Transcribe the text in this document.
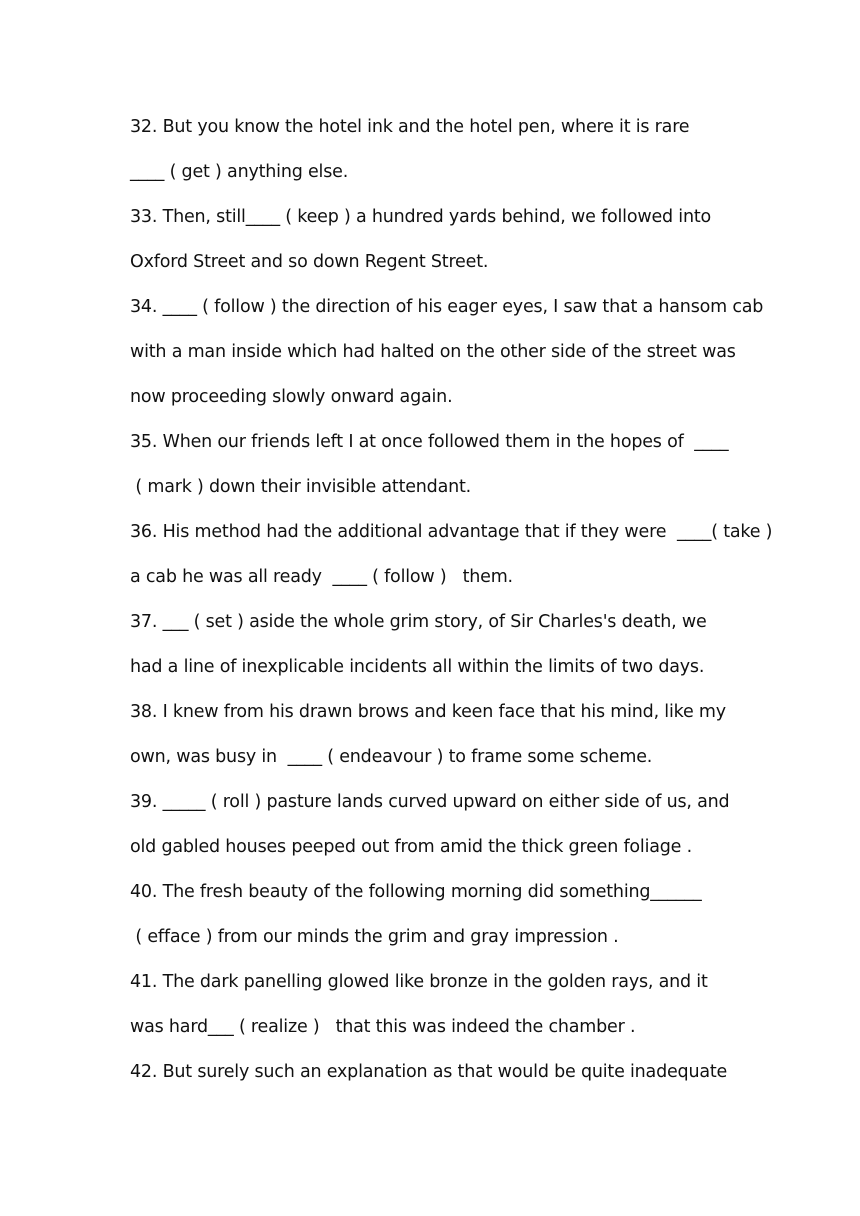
32. But you know the hotel ink and the hotel pen, where it is rare
____ ( get ) anything else.
33. Then, still____ ( keep ) a hundred yards behind, we followed into
Oxford Street and so down Regent Street.
34. ____ ( follow ) the direction of his eager eyes, I saw that a hansom cab
with a man inside which had halted on the other side of the street was
now proceeding slowly onward again.
35. When our friends left I at once followed them in the hopes of  ____
( mark ) down their invisible attendant.
36. His method had the additional advantage that if they were  ____( take )
a cab he was all ready  ____ ( follow )   them.
37. ___ ( set ) aside the whole grim story, of Sir Charles's death, we
had a line of inexplicable incidents all within the limits of two days.
38. I knew from his drawn brows and keen face that his mind, like my
own, was busy in  ____ ( endeavour ) to frame some scheme.
39. _____ ( roll ) pasture lands curved upward on either side of us, and
old gabled houses peeped out from amid the thick green foliage .
40. The fresh beauty of the following morning did something______
( efface ) from our minds the grim and gray impression .
41. The dark panelling glowed like bronze in the golden rays, and it
was hard___ ( realize )   that this was indeed the chamber .
42. But surely such an explanation as that would be quite inadequate
